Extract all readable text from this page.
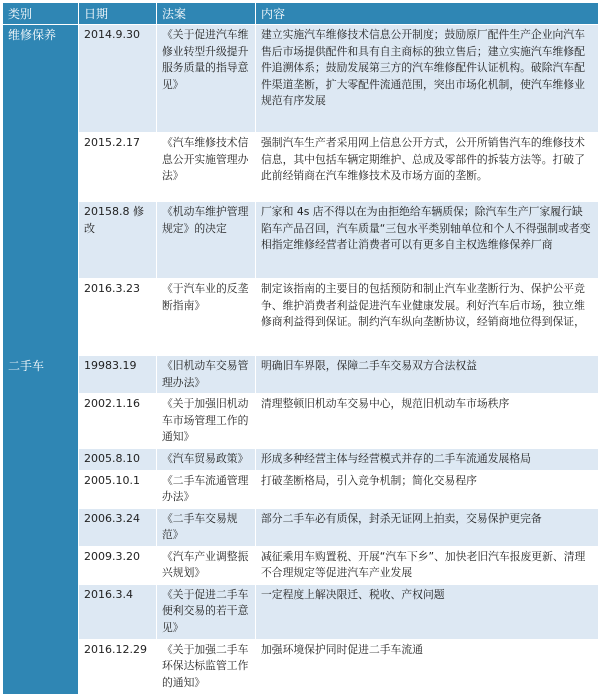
类别	日期	法案	内容
维修保养	2014.9.30	《关于促进汽车维修业转型升级提升服务质量的指导意见》	建立实施汽车维修技术信息公开制度；鼓励原厂配件生产企业向汽车售后市场提供配件和具有自主商标的独立售后；建立实施汽车维修配件追溯体系；鼓励发展第三方的汽车维修配件认证机构。破除汽车配件渠道垄断，扩大零配件流通范围，突出市场化机制，使汽车维修业规范有序发展
	2015.2.17	《汽车维修技术信息公开实施管理办法》	强制汽车生产者采用网上信息公开方式，公开所销售汽车的维修技术信息，其中包括车辆定期维护、总成及零部件的拆装方法等。打破了此前经销商在汽车维修技术及市场方面的垄断。
	20158.8 修改	《机动车维护管理规定》的决定	厂家和 4s 店不得以在为由拒绝给车辆质保；除汽车生产厂家履行缺陷车产品召回，汽车质量“三包水平类别轴单位和个人不得强制或者变相指定维修经营者让消费者可以有更多自主权选维修保养厂商
	2016.3.23	《于汽车业的反垄断指南》	制定该指南的主要目的包括预防和制止汽车业垄断行为、保护公平竞争、维护消费者利益促进汽车业健康发展。利好汽车后市场，独立维修商利益得到保证。制约汽车纵向垄断协议，经销商地位得到保证，
二手车	19983.19	《旧机动车交易管理办法》	明确旧车界限，保障二手车交易双方合法权益
	2002.1.16	《关于加强旧机动车市场管理工作的通知》	清理整顿旧机动车交易中心，规范旧机动车市场秩序
	2005.8.10	《汽车贸易政策》	形成多种经营主体与经营模式并存的二手车流通发展格局
	2005.10.1	《二手车流通管理办法》	打破垄断格局，引入竞争机制；简化交易程序
	2006.3.24	《二手车交易规范》	部分二手车必有质保，封杀无证网上拍卖，交易保护更完备
	2009.3.20	《汽车产业调整振兴规划》	减征乘用车购置税、开展“汽车下乡”、加快老旧汽车报废更新、清理不合理规定等促进汽车产业发展
	2016.3.4	《关于促进二手车便利交易的若干意见》	一定程度上解决限迁、税收、产权问题
	2016.12.29	《关于加强二手车环保达标监管工作的通知》	加强环境保护同时促进二手车流通
